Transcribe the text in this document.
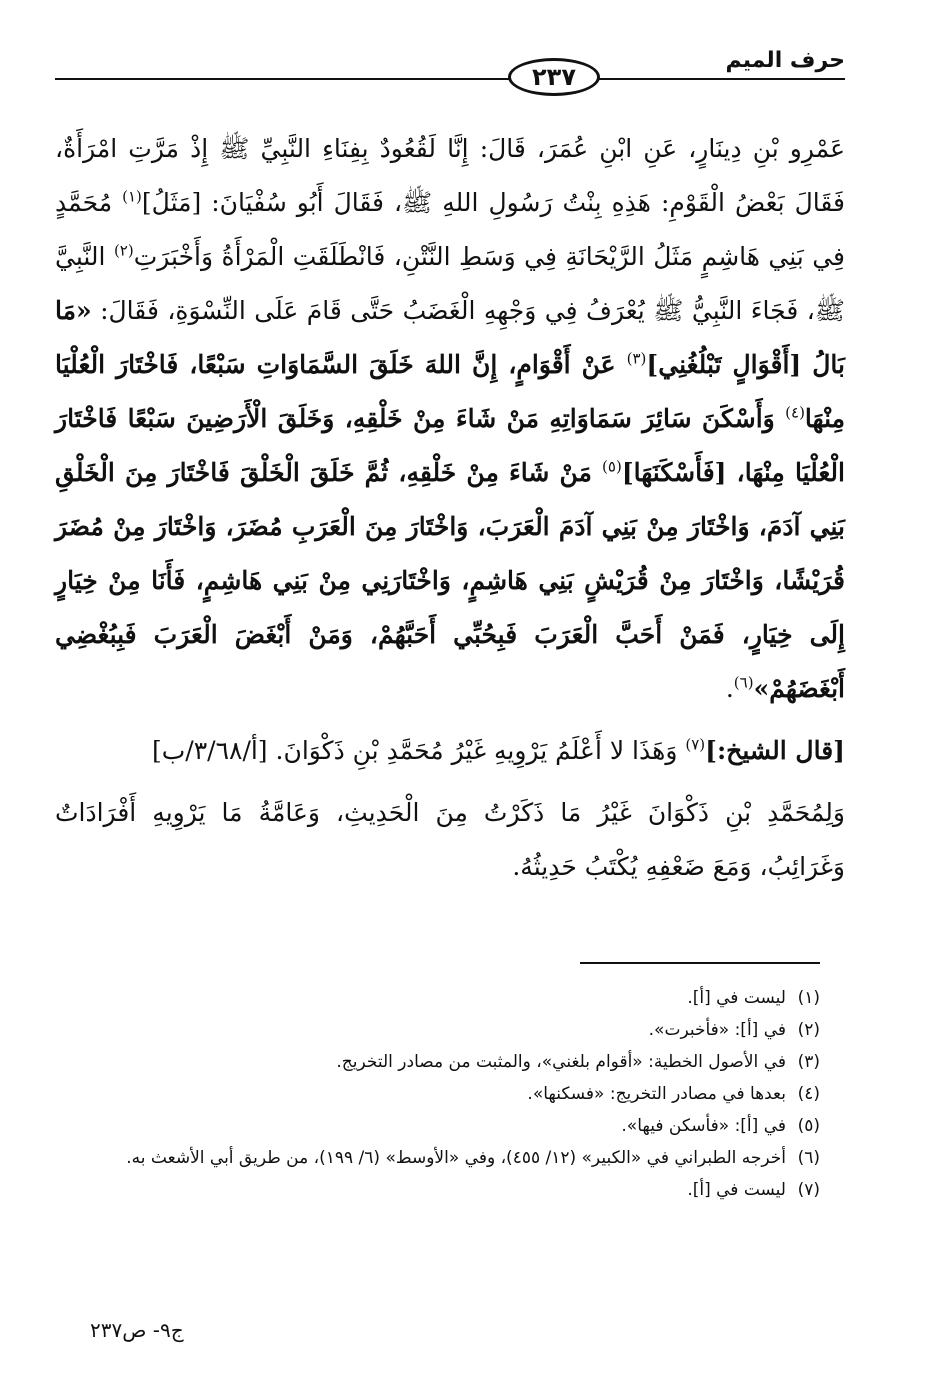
حرف الميم
٢٣٧

عَمْرِو بْنِ دِينَارٍ، عَنِ ابْنِ عُمَرَ، قَالَ: إِنَّا لَقُعُودٌ بِفِنَاءِ النَّبِيِّ ﷺ إِذْ مَرَّتِ امْرَأَةٌ، فَقَالَ بَعْضُ الْقَوْمِ: هَذِهِ بِنْتُ رَسُولِ اللهِ ﷺ، فَقَالَ أَبُو سُفْيَانَ: [مَثَلُ]$^{(١)}$ مُحَمَّدٍ فِي بَنِي هَاشِمٍ مَثَلُ الرَّيْحَانَةِ فِي وَسَطِ النَّتْنِ، فَانْطَلَقَتِ الْمَرْأَةُ وَأَخْبَرَتِ$^{(٢)}$ النَّبِيَّ ﷺ، فَجَاءَ النَّبِيُّ ﷺ يُعْرَفُ فِي وَجْهِهِ الْغَضَبُ حَتَّى قَامَ عَلَى النِّسْوَةِ، فَقَالَ: «مَا بَالُ [أَقْوَالٍ تَبْلُغُنِي]$^{(٣)}$ عَنْ أَقْوَامٍ، إِنَّ اللهَ خَلَقَ السَّمَاوَاتِ سَبْعًا، فَاخْتَارَ الْعُلْيَا مِنْهَا$^{(٤)}$ وَأَسْكَنَ سَائِرَ سَمَاوَاتِهِ مَنْ شَاءَ مِنْ خَلْقِهِ، وَخَلَقَ الْأَرَضِينَ سَبْعًا فَاخْتَارَ الْعُلْيَا مِنْهَا، [فَأَسْكَنَهَا]$^{(٥)}$ مَنْ شَاءَ مِنْ خَلْقِهِ، ثُمَّ خَلَقَ الْخَلْقَ فَاخْتَارَ مِنَ الْخَلْقِ بَنِي آدَمَ، وَاخْتَارَ مِنْ بَنِي آدَمَ الْعَرَبَ، وَاخْتَارَ مِنَ الْعَرَبِ مُضَرَ، وَاخْتَارَ مِنْ مُضَرَ قُرَيْشًا، وَاخْتَارَ مِنْ قُرَيْشٍ بَنِي هَاشِمٍ، وَاخْتَارَنِي مِنْ بَنِي هَاشِمٍ، فَأَنَا مِنْ خِيَارٍ إِلَى خِيَارٍ، فَمَنْ أَحَبَّ الْعَرَبَ فَبِحُبِّي أَحَبَّهُمْ، وَمَنْ أَبْغَضَ الْعَرَبَ فَبِبُغْضِي أَبْغَضَهُمْ»$^{(٦)}$.

[قال الشيخ:]$^{(٧)}$ وَهَذَا لا أَعْلَمُ يَرْوِيهِ غَيْرُ مُحَمَّدِ بْنِ ذَكْوَانَ. [أ/٣/٦٨/ب]

وَلِمُحَمَّدِ بْنِ ذَكْوَانَ غَيْرُ مَا ذَكَرْتُ مِنَ الْحَدِيثِ، وَعَامَّةُ مَا يَرْوِيهِ أَفْرَادَاتٌ وَغَرَائِبُ، وَمَعَ ضَعْفِهِ يُكْتَبُ حَدِيثُهُ.

(١)ليست في [أ].
(٢)في [أ]: «فأخبرت».
(٣)في الأصول الخطية: «أقوام بلغني»، والمثبت من مصادر التخريج.
(٤)بعدها في مصادر التخريج: «فسكنها».
(٥)في [أ]: «فأسكن فيها».
(٦)أخرجه الطبراني في «الكبير» (١٢/ ٤٥٥)، وفي «الأوسط» (٦/ ١٩٩)، من طريق أبي الأشعث به.
(٧)ليست في [أ].
ج٩- ص٢٣٧
